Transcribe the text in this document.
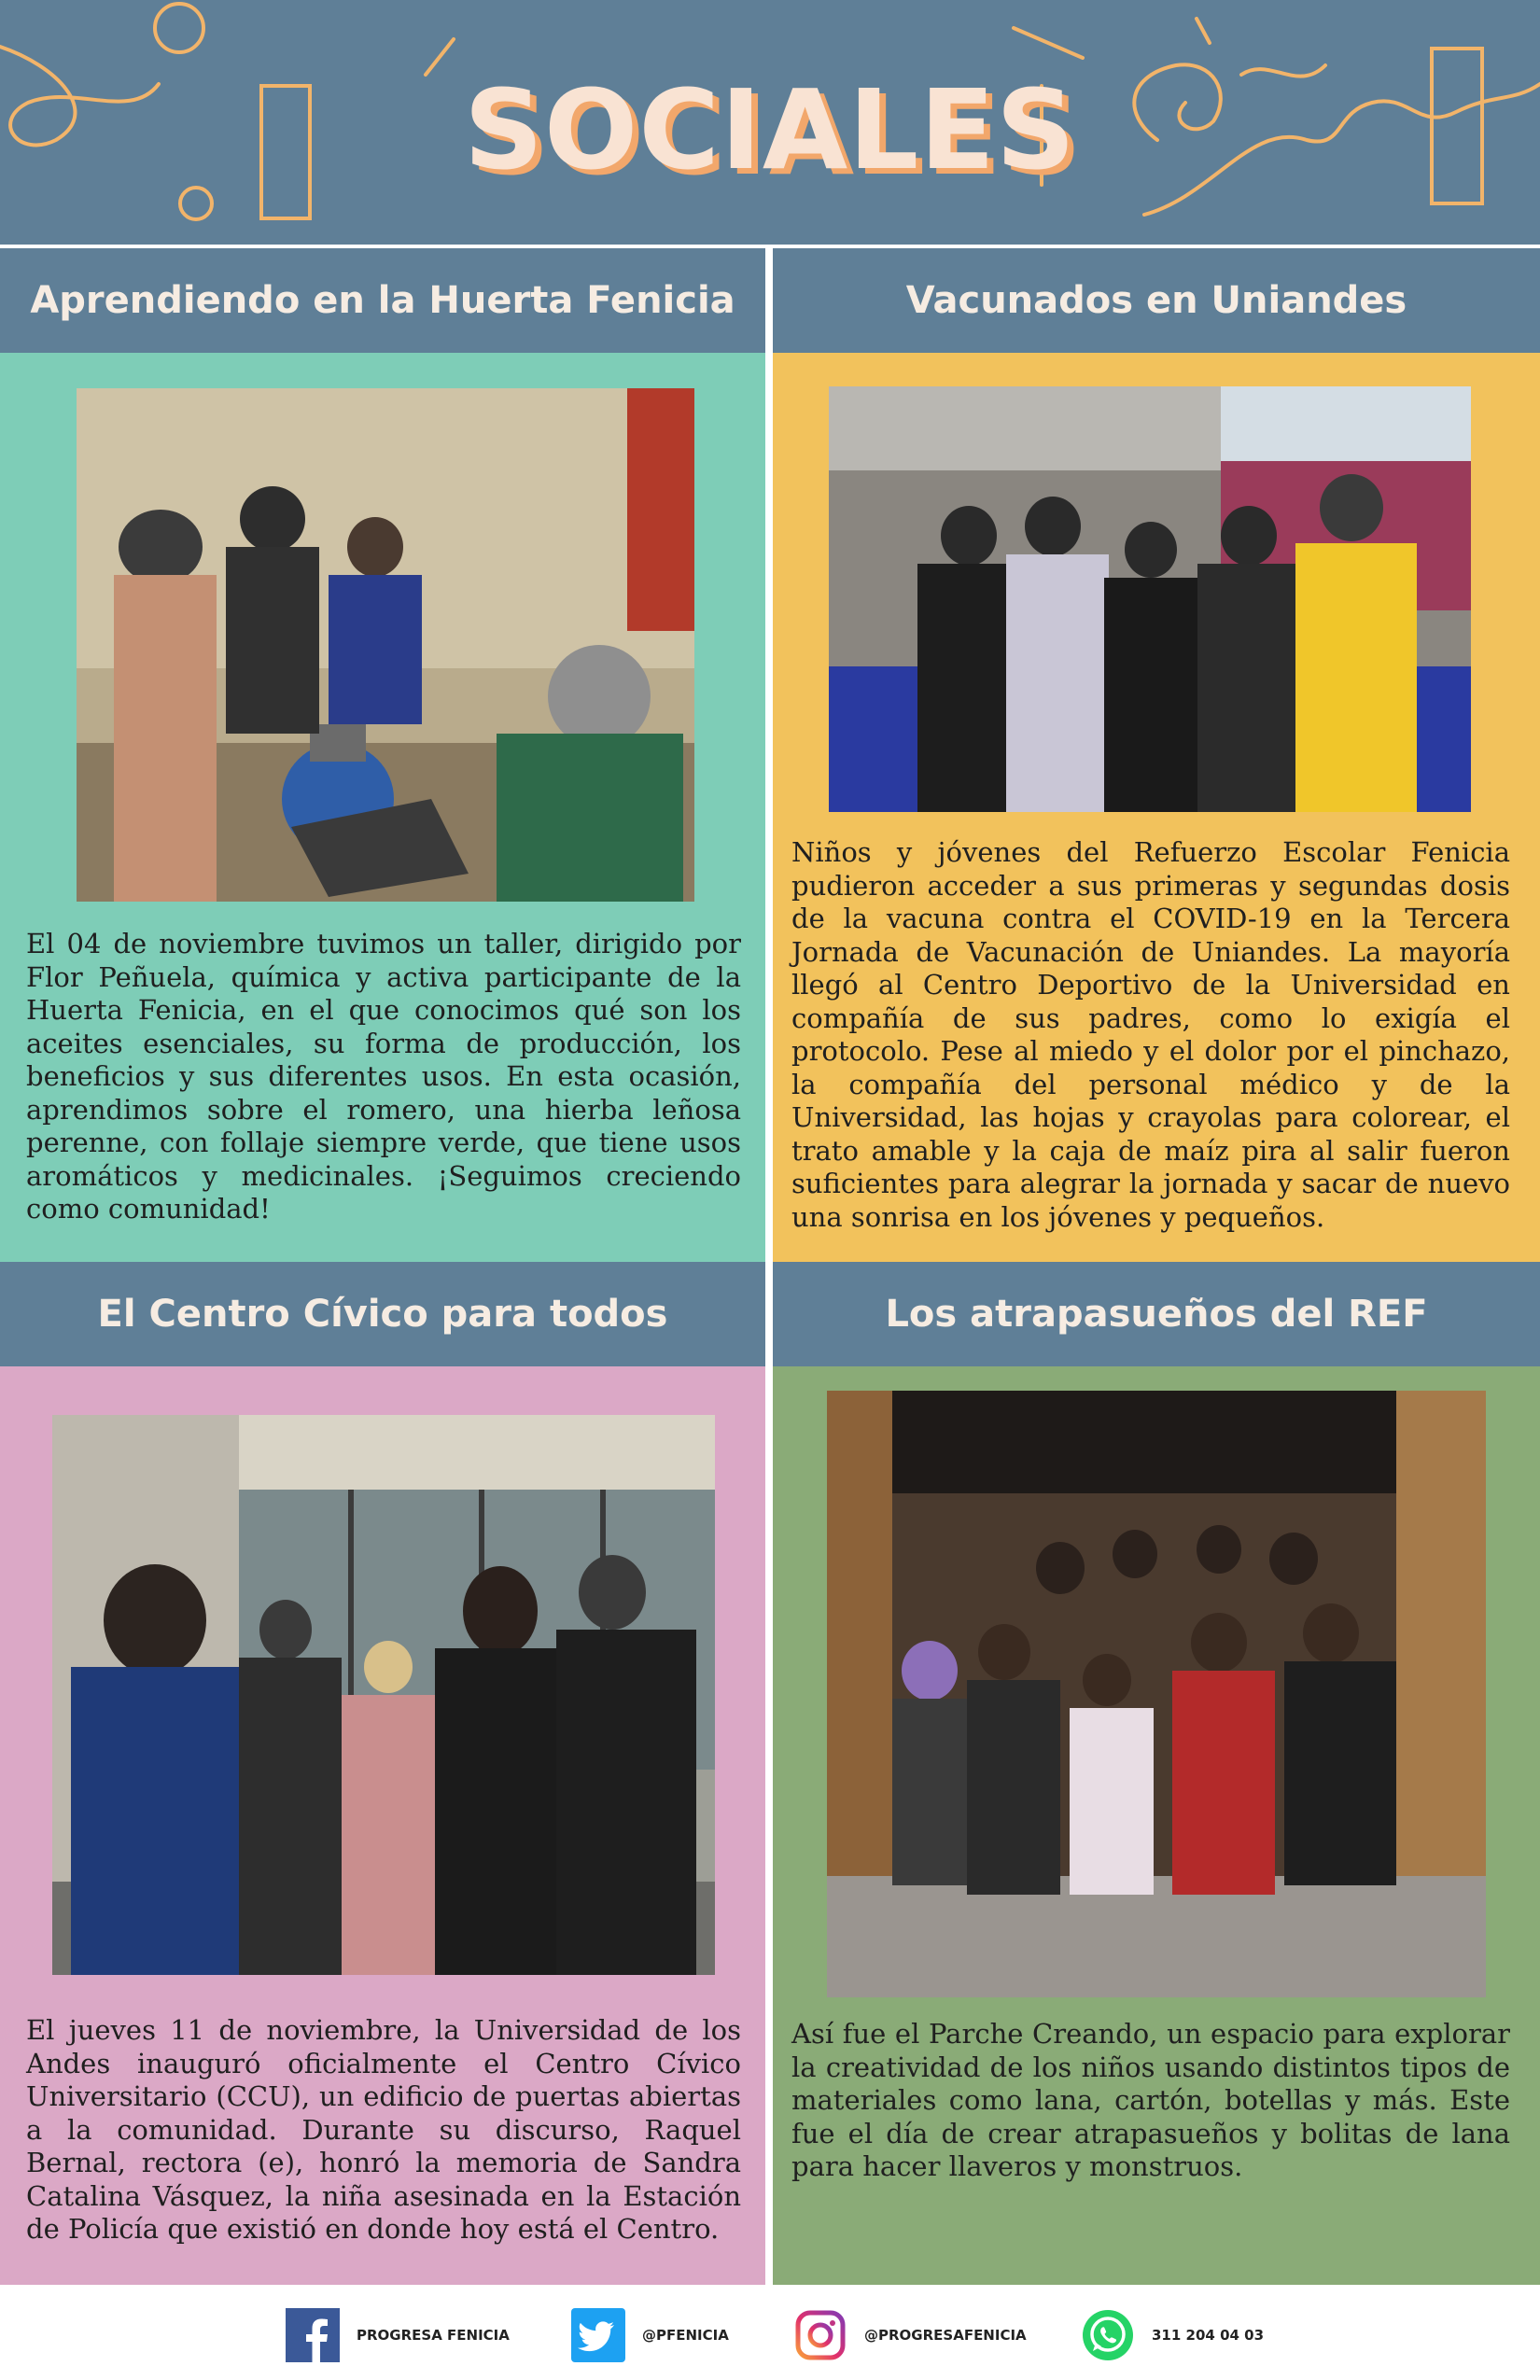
SOCIALES
Aprendiendo en la Huerta Fenicia	Vacunados en Uniandes
El Centro Cívico para todos	Los atrapasueños del REF
El 04 de noviembre tuvimos un taller, dirigido por Flor Peñuela, química y activa participante de la Huerta Fenicia, en el que conocimos qué son los aceites esenciales, su forma de producción, los beneficios y sus diferentes usos. En esta ocasión, aprendimos sobre el romero, una hierba leñosa perenne, con follaje siempre verde, que tiene usos aromáticos y medicinales. ¡Seguimos creciendo como comunidad!
Niños y jóvenes del Refuerzo Escolar Fenicia pudieron acceder a sus primeras y segundas dosis de la vacuna contra el COVID-19 en la Tercera Jornada de Vacunación de Uniandes. La mayoría llegó al Centro Deportivo de la Universidad en compañía de sus padres, como lo exigía el protocolo. Pese al miedo y el dolor por el pinchazo, la compañía del personal médico y de la Universidad, las hojas y crayolas para colorear, el trato amable y la caja de maíz pira al salir fueron suficientes para alegrar la jornada y sacar de nuevo una sonrisa en los jóvenes y pequeños.
El jueves 11 de noviembre, la Universidad de los Andes inauguró oficialmente el Centro Cívico Universitario (CCU), un edificio de puertas abiertas a la comunidad. Durante su discurso, Raquel Bernal, rectora (e), honró la memoria de Sandra Catalina Vásquez, la niña asesinada en la Estación de Policía que existió en donde hoy está el Centro.
Así fue el Parche Creando, un espacio para explorar la creatividad de los niños usando distintos tipos de materiales como lana, cartón, botellas y más. Este fue el día de crear atrapasueños y bolitas de lana para hacer llaveros y monstruos.
PROGRESA FENICIA	@PFENICIA	@PROGRESAFENICIA	311 204 04 03
